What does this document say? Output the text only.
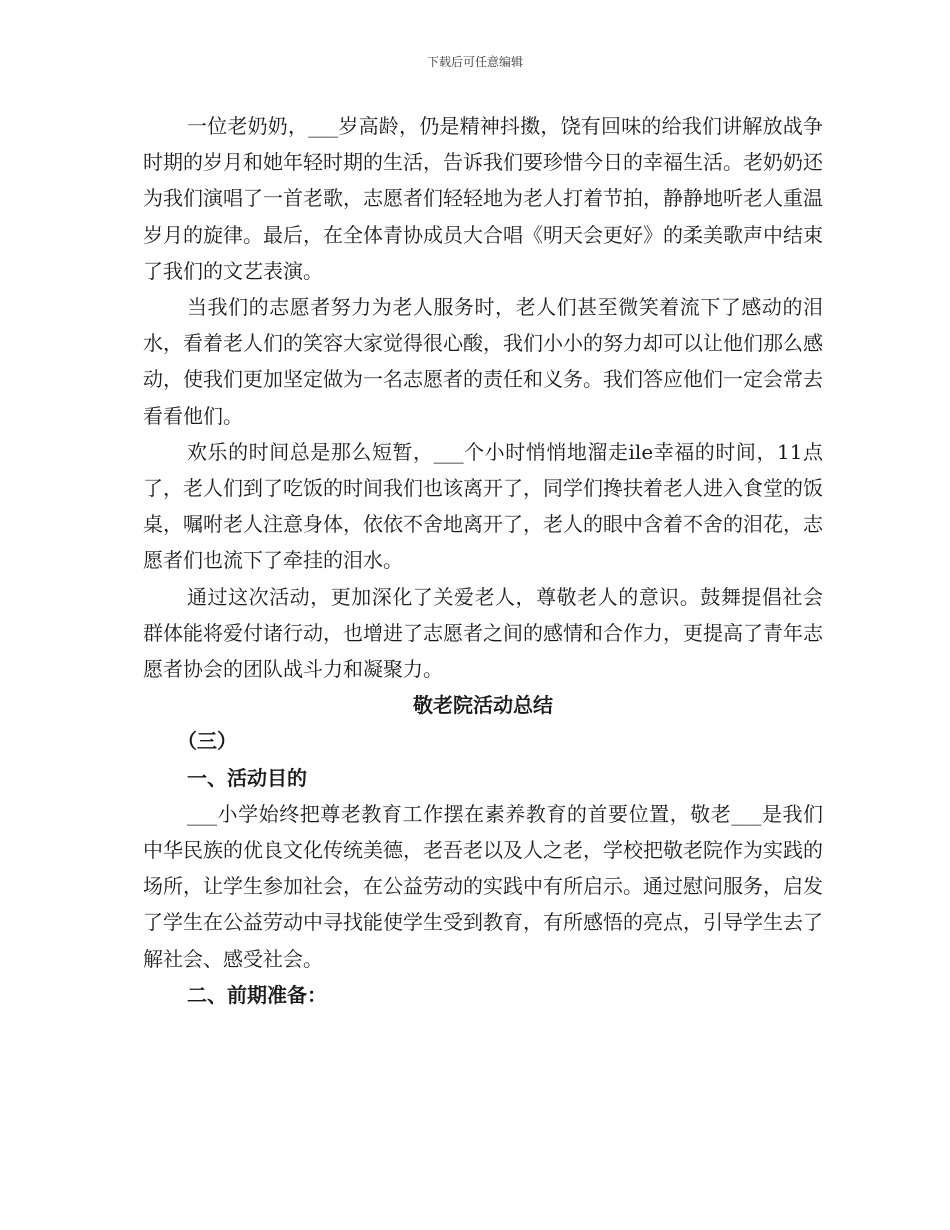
下载后可任意编辑

一位老奶奶，___岁高龄，仍是精神抖擞，饶有回味的给我们讲解放战争时期的岁月和她年轻时期的生活，告诉我们要珍惜今日的幸福生活。老奶奶还为我们演唱了一首老歌，志愿者们轻轻地为老人打着节拍，静静地听老人重温岁月的旋律。最后，在全体青协成员大合唱《明天会更好》的柔美歌声中结束了我们的文艺表演。

当我们的志愿者努力为老人服务时，老人们甚至微笑着流下了感动的泪水，看着老人们的笑容大家觉得很心酸，我们小小的努力却可以让他们那么感动，使我们更加坚定做为一名志愿者的责任和义务。我们答应他们一定会常去看看他们。

欢乐的时间总是那么短暂，___个小时悄悄地溜走ile幸福的时间，11点了，老人们到了吃饭的时间我们也该离开了，同学们搀扶着老人进入食堂的饭桌，嘱咐老人注意身体，依依不舍地离开了，老人的眼中含着不舍的泪花，志愿者们也流下了牵挂的泪水。

通过这次活动，更加深化了关爱老人，尊敬老人的意识。鼓舞提倡社会群体能将爱付诸行动，也增进了志愿者之间的感情和合作力，更提高了青年志愿者协会的团队战斗力和凝聚力。

敬老院活动总结

（三）

一、活动目的

___小学始终把尊老教育工作摆在素养教育的首要位置，敬老___是我们中华民族的优良文化传统美德，老吾老以及人之老，学校把敬老院作为实践的场所，让学生参加社会，在公益劳动的实践中有所启示。通过慰问服务，启发了学生在公益劳动中寻找能使学生受到教育，有所感悟的亮点，引导学生去了解社会、感受社会。

二、前期准备：
